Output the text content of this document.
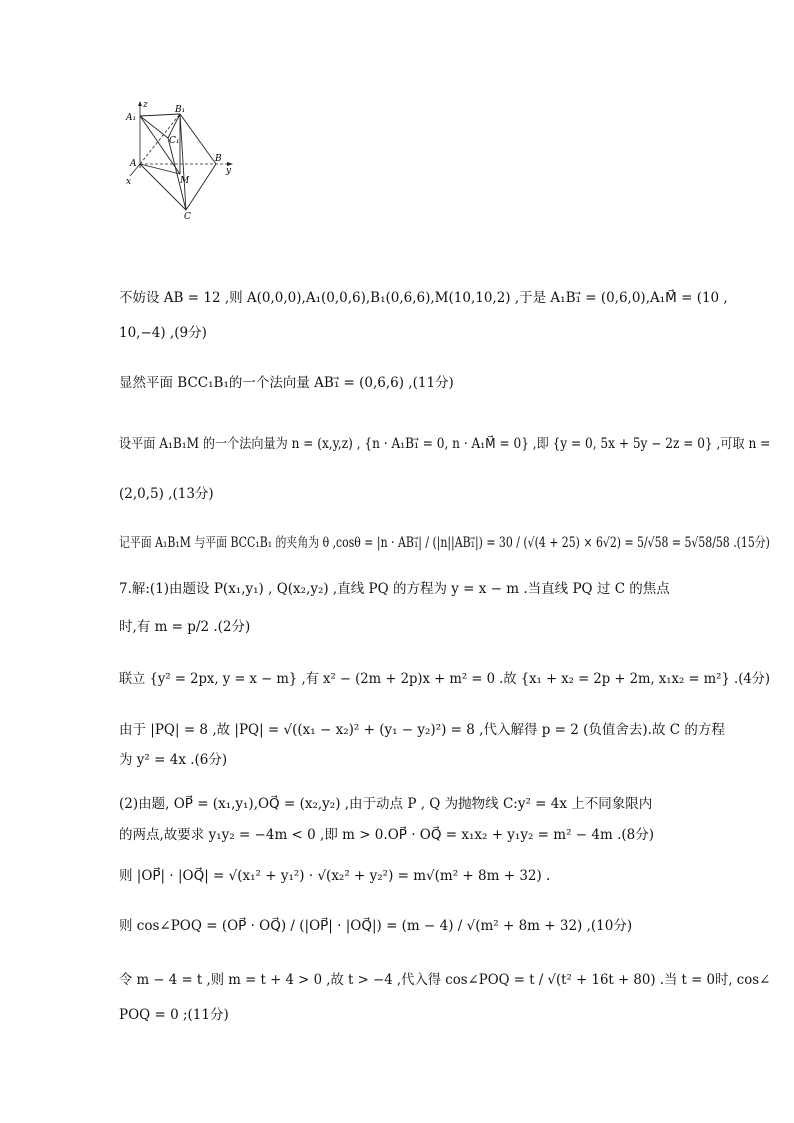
A₁
z	B₁
C₁
A	B
y
x	M
C
不妨设 AB = 12 ,则 A(0,0,0),A₁(0,0,6),B₁(0,6,6),M(10,10,2) ,于是 A₁B₁⃗ = (0,6,0),A₁M⃗ = (10 ,
10,−4) ,(9分)
显然平面 BCC₁B₁的一个法向量 AB₁⃗ = (0,6,6) ,(11分)
设平面 A₁B₁M 的一个法向量为 n = (x,y,z) , {n · A₁B₁⃗ = 0, n · A₁M⃗ = 0} ,即 {y = 0, 5x + 5y − 2z = 0} ,可取 n =
(2,0,5) ,(13分)
记平面 A₁B₁M 与平面 BCC₁B₁ 的夹角为 θ ,cosθ = |n · AB₁⃗| / (|n||AB₁⃗|) = 30 / (√(4 + 25) × 6√2) = 5/√58 = 5√58/58 .(15分)
7.解:(1)由题设 P(x₁,y₁) , Q(x₂,y₂) ,直线 PQ 的方程为 y = x − m .当直线 PQ 过 C 的焦点
时,有 m = p/2 .(2分)
联立 {y² = 2px, y = x − m} ,有 x² − (2m + 2p)x + m² = 0 .故 {x₁ + x₂ = 2p + 2m, x₁x₂ = m²} .(4分)
由于 |PQ| = 8 ,故 |PQ| = √((x₁ − x₂)² + (y₁ − y₂)²) = 8 ,代入解得 p = 2 (负值舍去).故 C 的方程
为 y² = 4x .(6分)
(2)由题, OP⃗ = (x₁,y₁),OQ⃗ = (x₂,y₂) ,由于动点 P , Q 为抛物线 C:y² = 4x 上不同象限内
的两点,故要求 y₁y₂ = −4m < 0 ,即 m > 0.OP⃗ · OQ⃗ = x₁x₂ + y₁y₂ = m² − 4m .(8分)
则 |OP⃗| · |OQ⃗| = √(x₁² + y₁²) · √(x₂² + y₂²) = m√(m² + 8m + 32) .
则 cos∠POQ = (OP⃗ · OQ⃗) / (|OP⃗| · |OQ⃗|) = (m − 4) / √(m² + 8m + 32) ,(10分)
令 m − 4 = t ,则 m = t + 4 > 0 ,故 t > −4 ,代入得 cos∠POQ = t / √(t² + 16t + 80) .当 t = 0时, cos∠
POQ = 0 ;(11分)
